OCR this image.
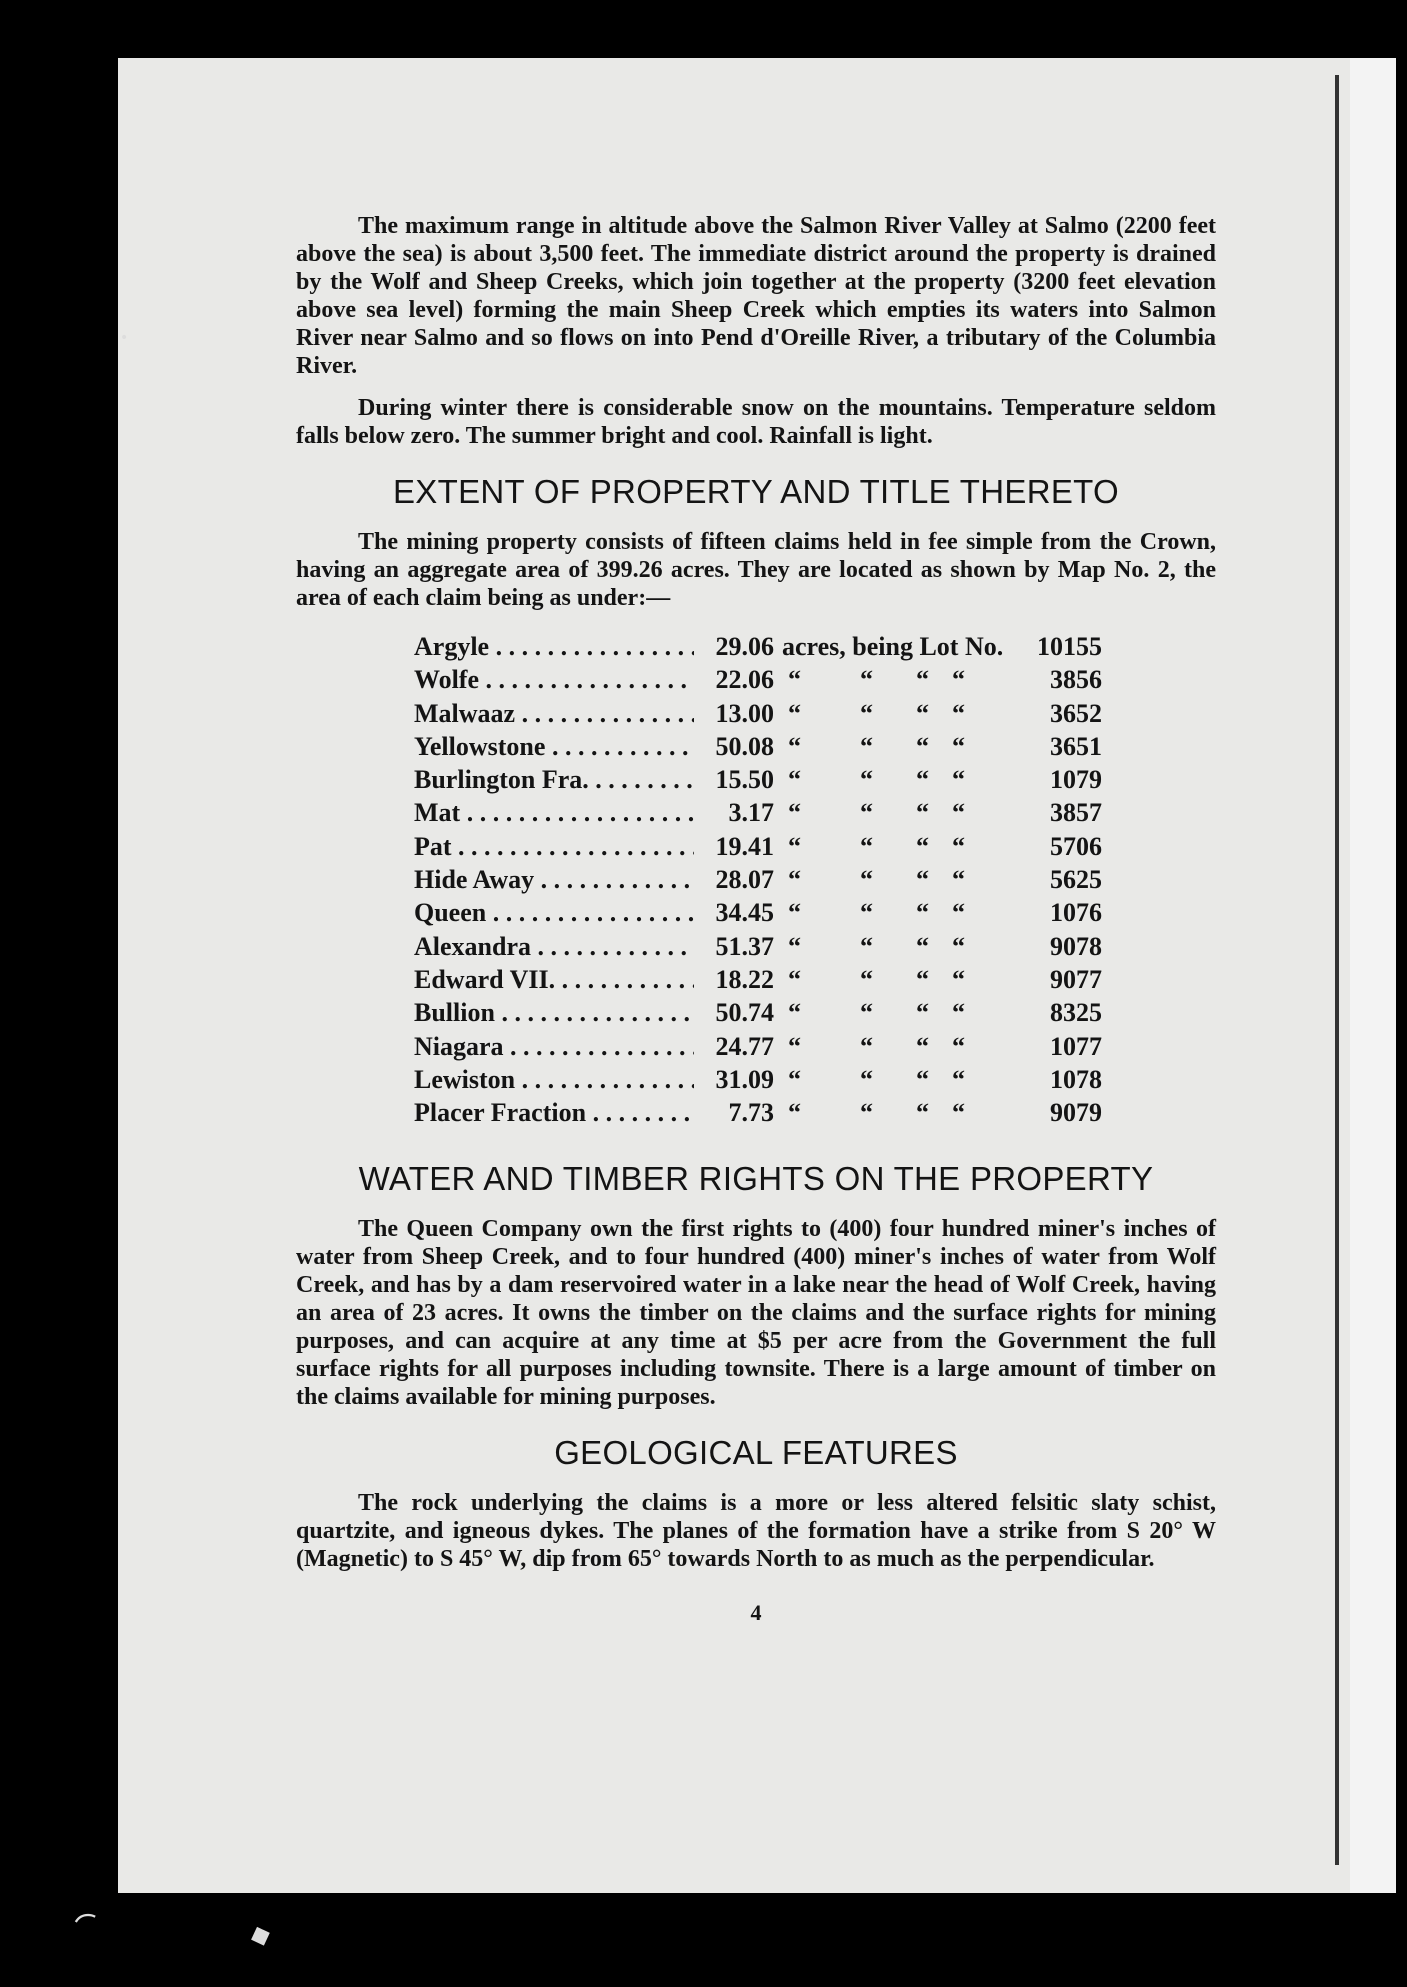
•
◜	◆

The maximum range in altitude above the Salmon River Valley at Salmo (2200 feet above the sea) is about 3,500 feet. The immediate district around the property is drained by the Wolf and Sheep Creeks, which join together at the property (3200 feet elevation above sea level) forming the main Sheep Creek which empties its waters into Salmon River near Salmo and so flows on into Pend d'Oreille River, a tributary of the Columbia River.

During winter there is considerable snow on the mountains. Temperature seldom falls below zero. The summer bright and cool. Rainfall is light.

EXTENT OF PROPERTY AND TITLE THERETO

The mining property consists of fifteen claims held in fee simple from the Crown, having an aggregate area of 399.26 acres. They are located as shown by Map No. 2, the area of each claim being as under:—

Argyle . . .	29.06 acres, being Lot No.	10155
Wolfe . . .	22.06 “	“	“ “	3856
Malwaaz . . .	13.00 “	“	“ “	3652
Yellowstone . . .	50.08 “	“	“ “	3651
Burlington Fra. . . .	15.50 “	“	“ “	1079
Mat . . .	3.17 “	“	“ “	3857
Pat . . .	19.41 “	“	“ “	5706
Hide Away . . .	28.07 “	“	“ “	5625
Queen . . .	34.45 “	“	“ “	1076
Alexandra . . .	51.37 “	“	“ “	9078
Edward VII. . . .	18.22 “	“	“ “	9077
Bullion . . .	50.74 “	“	“ “	8325
Niagara . . .	24.77 “	“	“ “	1077
Lewiston . . .	31.09 “	“	“ “	1078
Placer Fraction . . .	7.73 “	“	“ “	9079
WATER AND TIMBER RIGHTS ON THE PROPERTY

The Queen Company own the first rights to (400) four hundred miner's inches of water from Sheep Creek, and to four hundred (400) miner's inches of water from Wolf Creek, and has by a dam reservoired water in a lake near the head of Wolf Creek, having an area of 23 acres. It owns the timber on the claims and the surface rights for mining purposes, and can acquire at any time at $5 per acre from the Government the full surface rights for all purposes including townsite. There is a large amount of timber on the claims available for mining purposes.

GEOLOGICAL FEATURES

The rock underlying the claims is a more or less altered felsitic slaty schist, quartzite, and igneous dykes. The planes of the formation have a strike from S 20° W (Magnetic) to S 45° W, dip from 65° towards North to as much as the perpendicular.

4
